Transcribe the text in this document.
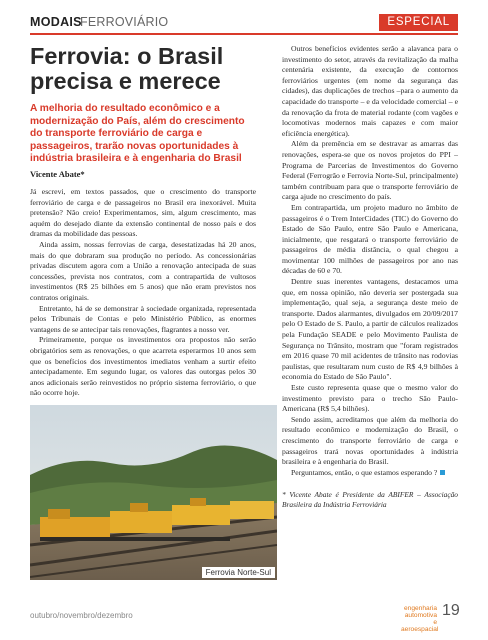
MODAIS
FERROVIÁRIO	ESPECIAL
Ferrovia: o Brasil precisa e merece

A melhoria do resultado econômico e a modernização do País, além do crescimento do transporte ferroviário de carga e passageiros, trarão novas oportunidades à indústria brasileira e à engenharia do Brasil

Vicente Abate*

Já escrevi, em textos passados, que o crescimento do transporte ferroviário de carga e de passageiros no Brasil era inexorável. Muita pretensão? Não creio! Experimentamos, sim, algum crescimento, mas aquém do desejado diante da extensão continental de nosso país e dos dramas da mobilidade das pessoas.

Ainda assim, nossas ferrovias de carga, desestatizadas há 20 anos, mais do que dobraram sua produção no período. As concessionárias privadas discutem agora com a União a renovação antecipada de suas concessões, prevista nos contratos, com a contrapartida de vultosos investimentos (R$ 25 bilhões em 5 anos) que não eram previstos nos contratos originais.

Entretanto, há de se demonstrar à sociedade organizada, representada pelos Tribunais de Contas e pelo Ministério Público, as enormes vantagens de se antecipar tais renovações, flagrantes a nosso ver.

Primeiramente, porque os investimentos ora propostos não serão obrigatórios sem as renovações, o que acarreta esperarmos 10 anos sem que os benefícios dos investimentos imediatos venham a surtir efeito antecipadamente. Em segundo lugar, os valores das outorgas pelos 30 anos adicionais serão reinvestidos no próprio sistema ferroviário, o que não ocorre hoje.

Ferrovia Norte-Sul

Outros benefícios evidentes serão a alavanca para o investimento do setor, através da revitalização da malha centenária existente, da execução de contornos ferroviários urgentes (em nome da segurança das cidades), das duplicações de trechos –para o aumento da capacidade do transporte – e da velocidade comercial – e da renovação da frota de material rodante (com vagões e locomotivas modernos mais capazes e com maior eficiência energética).

Além da premência em se destravar as amarras das renovações, espera-se que os novos projetos do PPI – Programa de Parcerias de Investimentos do Governo Federal (Ferrogrão e Ferrovia Norte-Sul, principalmente) também contribuam para que o transporte ferroviário de carga ajude no crescimento do país.

Em contrapartida, um projeto maduro no âmbito de passageiros é o Trem InterCidades (TIC) do Governo do Estado de São Paulo, entre São Paulo e Americana, inicialmente, que resgatará o transporte ferroviário de passageiros de média distância, o qual chegou a movimentar 100 milhões de passageiros por ano nas décadas de 60 e 70.

Dentre suas inerentes vantagens, destacamos uma que, em nossa opinião, não deveria ser postergada sua implementação, qual seja, a segurança deste meio de transporte. Dados alarmantes, divulgados em 20/09/2017 pelo O Estado de S. Paulo, a partir de cálculos realizados pela Fundação SEADE e pelo Movimento Paulista de Segurança no Trânsito, mostram que "foram registrados em 2016 quase 70 mil acidentes de trânsito nas rodovias paulistas, que resultaram num custo de R$ 4,9 bilhões à economia do Estado de São Paulo".

Este custo representa quase que o mesmo valor do investimento previsto para o trecho São Paulo-Americana (R$ 5,4 bilhões).

Sendo assim, acreditamos que além da melhoria do resultado econômico e modernização do Brasil, o crescimento do transporte ferroviário de carga e passageiros trará novas oportunidades à indústria brasileira e à engenharia do Brasil.

Perguntamos, então, o que estamos esperando ?

* Vicente Abate é Presidente da ABIFER – Associação Brasileira da Indústria Ferroviária

outubro/novembro/dezembro
engenharia
automotiva
e aeroespacial
19
